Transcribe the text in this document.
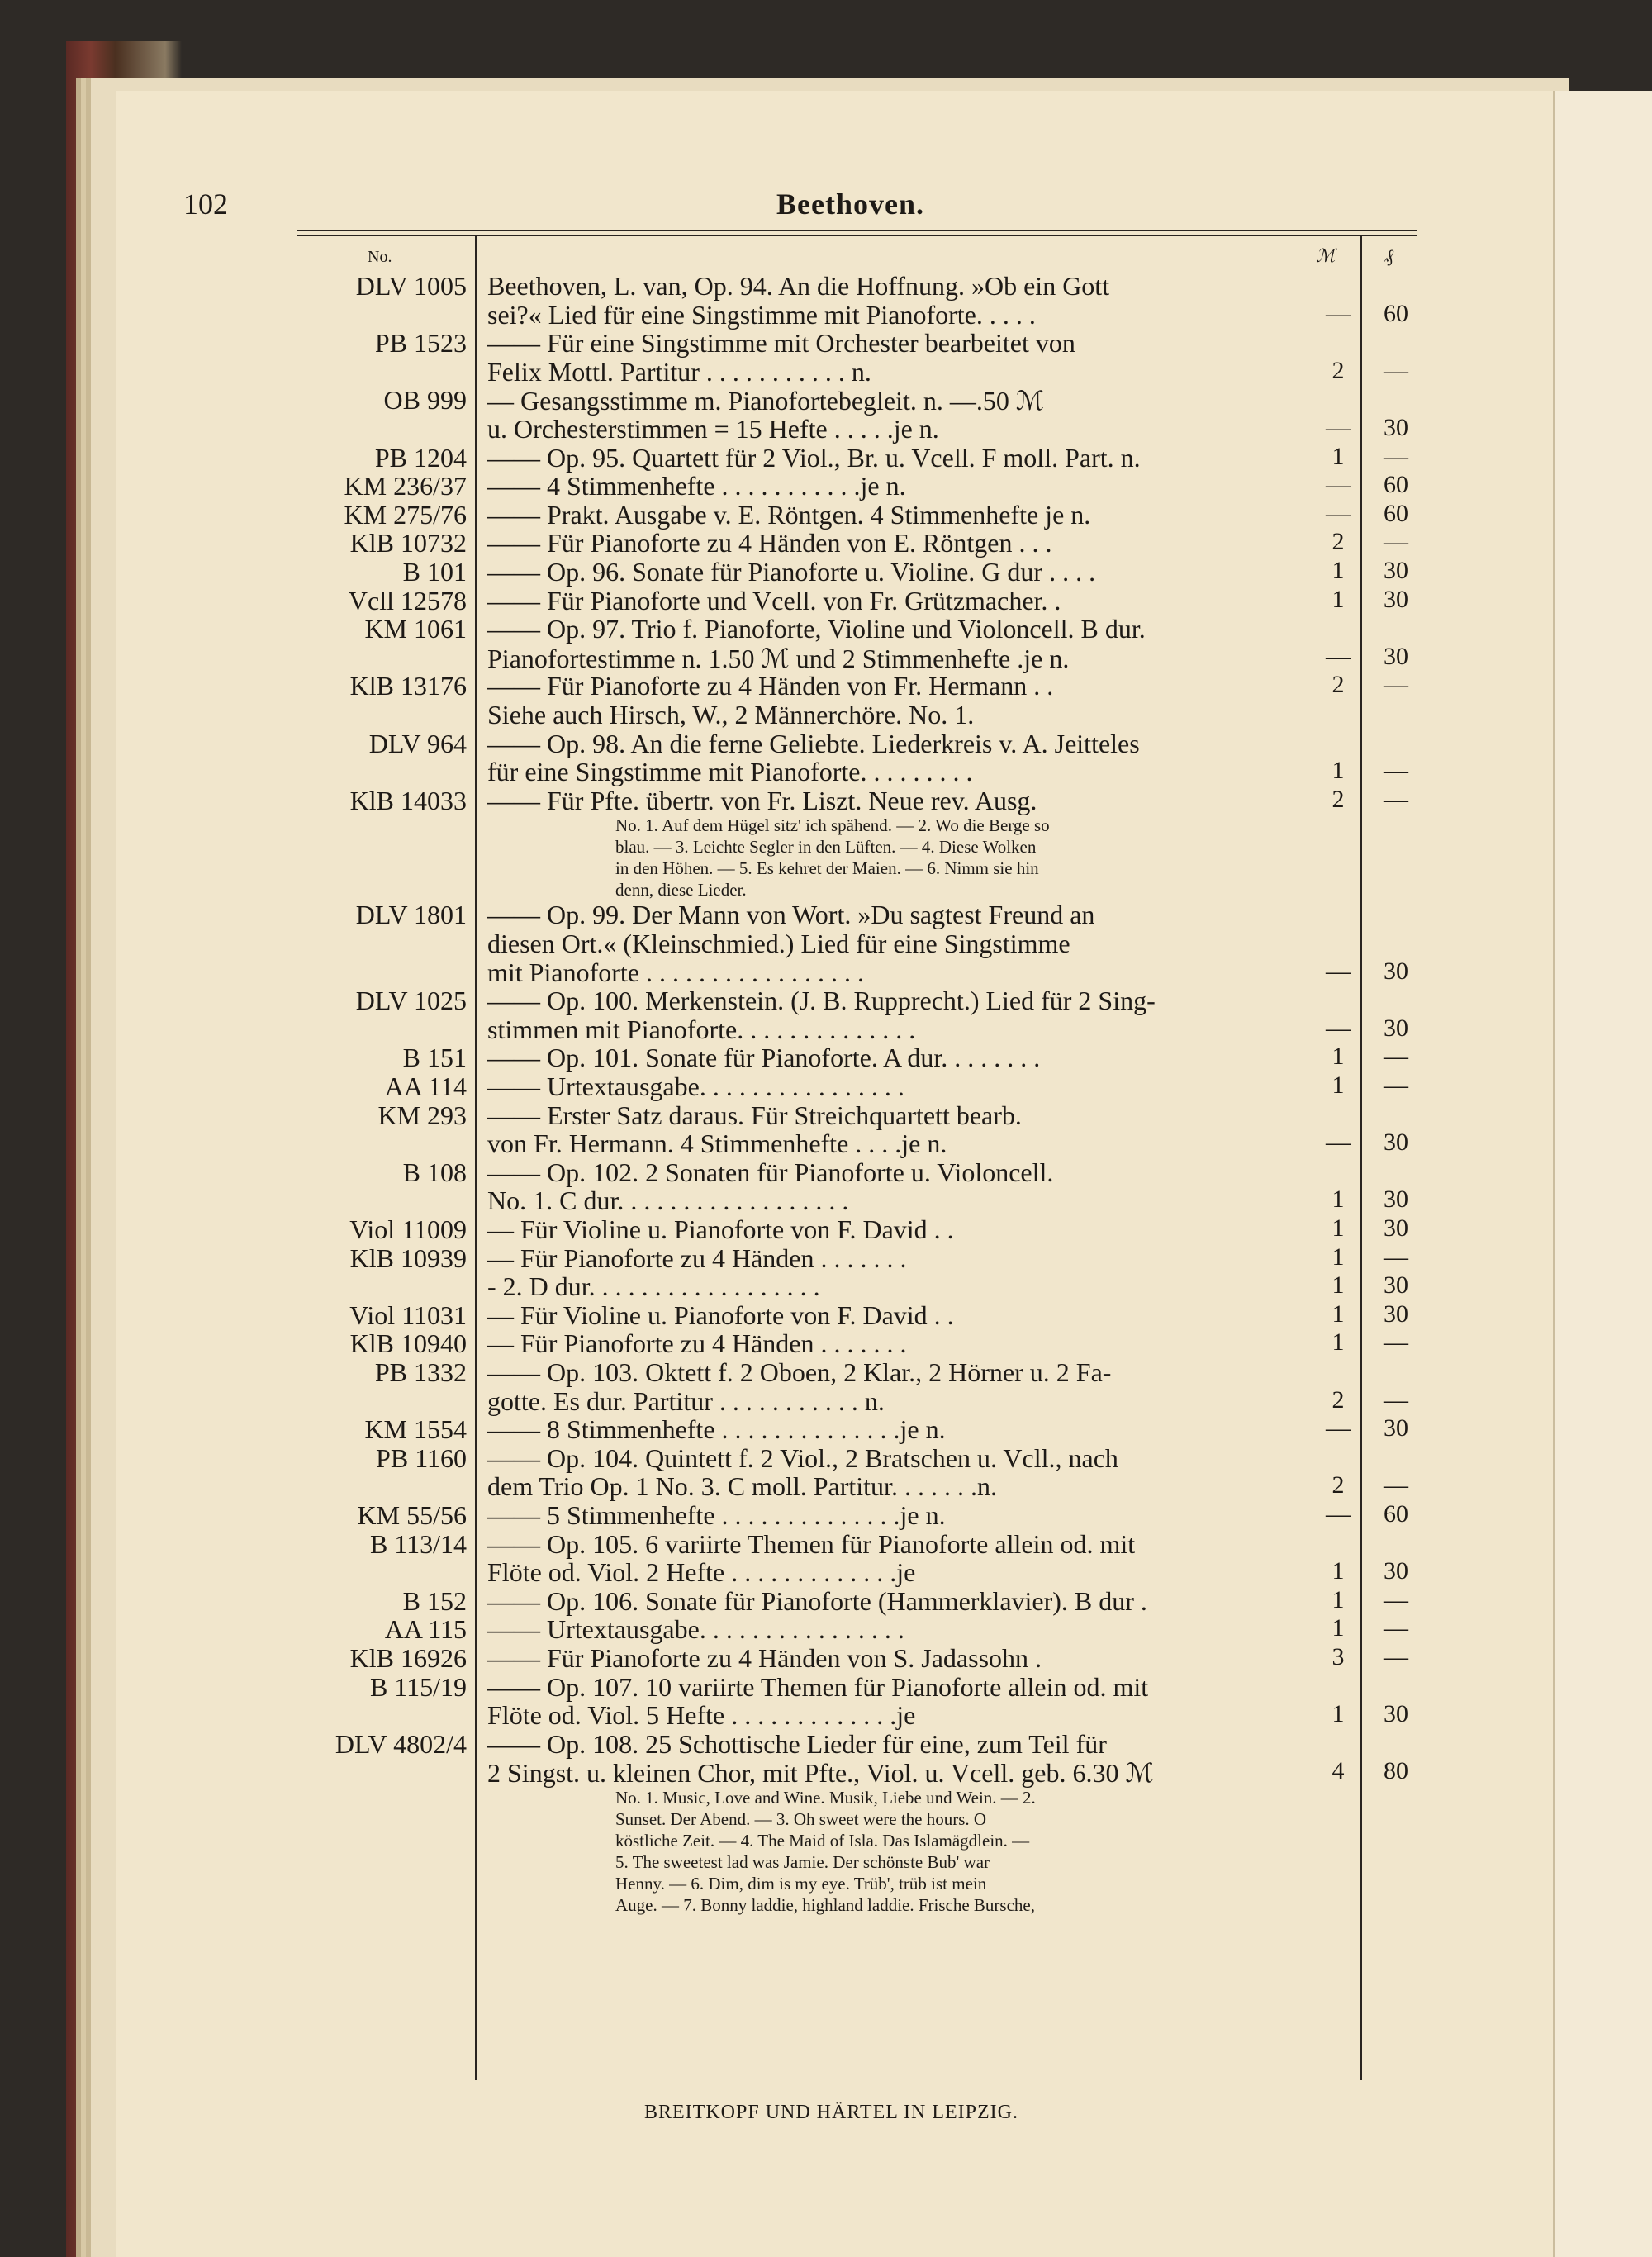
102	Beethoven.
No.	ℳ	₰
DLV 1005 Beethoven, L. van, Op. 94. An die Hoffnung. »Ob ein Gott
sei?« Lied für eine Singstimme mit Pianoforte. . . . .	—	60
PB 1523 —— Für eine Singstimme mit Orchester bearbeitet von
Felix Mottl. Partitur . . . . . . . . . . . n.	2	—
OB 999 — Gesangsstimme m. Pianofortebegleit. n. —.50 ℳ
u. Orchesterstimmen = 15 Hefte . . . . .je n.	—	30
PB 1204 —— Op. 95. Quartett für 2 Viol., Br. u. Vcell. F moll. Part. n.	1	—
KM 236/37 —— 4 Stimmenhefte . . . . . . . . . . .je n.	—	60
KM 275/76 —— Prakt. Ausgabe v. E. Röntgen. 4 Stimmenhefte je n.	—	60
KlB 10732 —— Für Pianoforte zu 4 Händen von E. Röntgen . . .	2	—
B 101 —— Op. 96. Sonate für Pianoforte u. Violine. G dur . . . .	1	30
Vcll 12578 —— Für Pianoforte und Vcell. von Fr. Grützmacher. .	1	30
KM 1061 —— Op. 97. Trio f. Pianoforte, Violine und Violoncell. B dur.
Pianofortestimme n. 1.50 ℳ und 2 Stimmenhefte .je n.	—	30
KlB 13176 —— Für Pianoforte zu 4 Händen von Fr. Hermann . .	2	—
Siehe auch Hirsch, W., 2 Männerchöre. No. 1.
DLV 964 —— Op. 98. An die ferne Geliebte. Liederkreis v. A. Jeitteles
für eine Singstimme mit Pianoforte. . . . . . . . .	1	—
KlB 14033 —— Für Pfte. übertr. von Fr. Liszt. Neue rev. Ausg.	2	—
No. 1. Auf dem Hügel sitz' ich spähend. — 2. Wo die Berge so
blau. — 3. Leichte Segler in den Lüften. — 4. Diese Wolken
in den Höhen. — 5. Es kehret der Maien. — 6. Nimm sie hin
denn, diese Lieder.
DLV 1801 —— Op. 99. Der Mann von Wort. »Du sagtest Freund an
diesen Ort.« (Kleinschmied.) Lied für eine Singstimme
mit Pianoforte . . . . . . . . . . . . . . . . .	—	30
DLV 1025 —— Op. 100. Merkenstein. (J. B. Rupprecht.) Lied für 2 Sing-
stimmen mit Pianoforte. . . . . . . . . . . . . .	—	30
B 151 —— Op. 101. Sonate für Pianoforte. A dur. . . . . . . .	1	—
AA 114 —— Urtextausgabe. . . . . . . . . . . . . . . .	1	—
KM 293 —— Erster Satz daraus. Für Streichquartett bearb.
von Fr. Hermann. 4 Stimmenhefte . . . .je n.	—	30
B 108 —— Op. 102. 2 Sonaten für Pianoforte u. Violoncell.
No. 1. C dur. . . . . . . . . . . . . . . . . .	1	30
Viol 11009 — Für Violine u. Pianoforte von F. David . .	1	30
KlB 10939 — Für Pianoforte zu 4 Händen . . . . . . .	1	—
- 2. D dur. . . . . . . . . . . . . . . . . .	1	30
Viol 11031 — Für Violine u. Pianoforte von F. David . .	1	30
KlB 10940 — Für Pianoforte zu 4 Händen . . . . . . .	1	—
PB 1332 —— Op. 103. Oktett f. 2 Oboen, 2 Klar., 2 Hörner u. 2 Fa-
gotte. Es dur. Partitur . . . . . . . . . . . n.	2	—
KM 1554 —— 8 Stimmenhefte . . . . . . . . . . . . . .je n.	—	30
PB 1160 —— Op. 104. Quintett f. 2 Viol., 2 Bratschen u. Vcll., nach
dem Trio Op. 1 No. 3. C moll. Partitur. . . . . . .n.	2	—
KM 55/56 —— 5 Stimmenhefte . . . . . . . . . . . . . .je n.	—	60
B 113/14 —— Op. 105. 6 variirte Themen für Pianoforte allein od. mit
Flöte od. Viol. 2 Hefte . . . . . . . . . . . . .je	1	30
B 152 —— Op. 106. Sonate für Pianoforte (Hammerklavier). B dur .	1	—
AA 115 —— Urtextausgabe. . . . . . . . . . . . . . . .	1	—
KlB 16926 —— Für Pianoforte zu 4 Händen von S. Jadassohn .	3	—
B 115/19 —— Op. 107. 10 variirte Themen für Pianoforte allein od. mit
Flöte od. Viol. 5 Hefte . . . . . . . . . . . . .je	1	30
DLV 4802/4 —— Op. 108. 25 Schottische Lieder für eine, zum Teil für
2 Singst. u. kleinen Chor, mit Pfte., Viol. u. Vcell. geb. 6.30 ℳ	4	80
No. 1. Music, Love and Wine. Musik, Liebe und Wein. — 2.
Sunset. Der Abend. — 3. Oh sweet were the hours. O
köstliche Zeit. — 4. The Maid of Isla. Das Islamägdlein. —
5. The sweetest lad was Jamie. Der schönste Bub' war
Henny. — 6. Dim, dim is my eye. Trüb', trüb ist mein
Auge. — 7. Bonny laddie, highland laddie. Frische Bursche,
BREITKOPF UND HÄRTEL IN LEIPZIG.
